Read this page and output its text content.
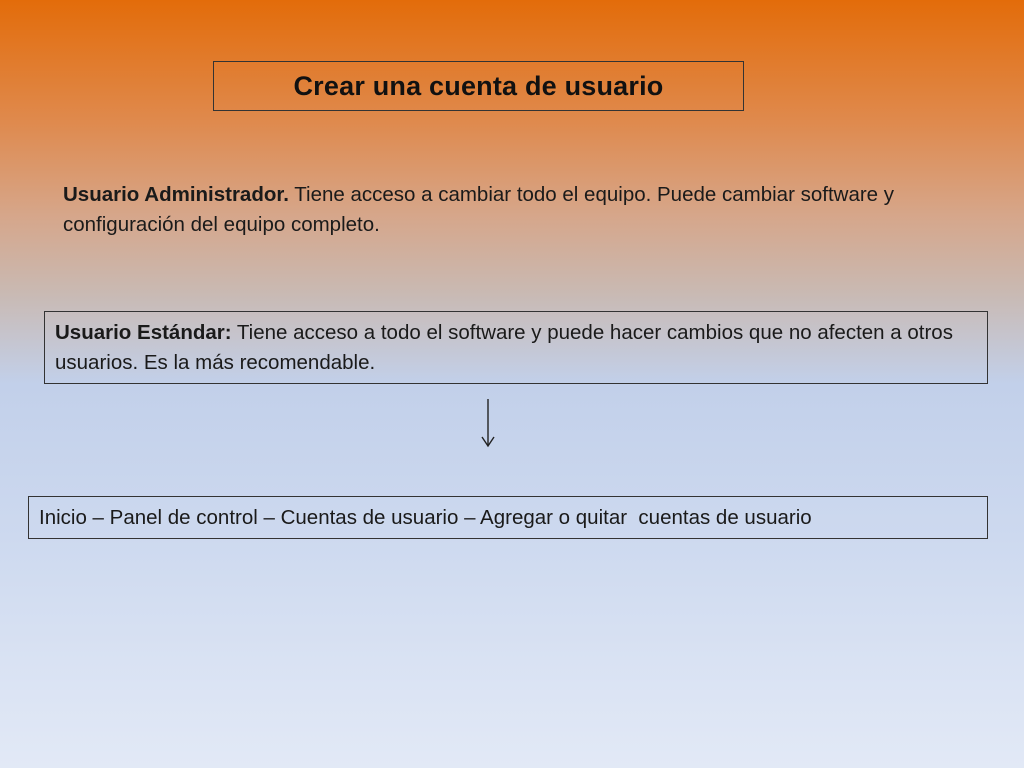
Crear una cuenta de usuario
Usuario Administrador. Tiene acceso a cambiar todo el equipo. Puede cambiar software y configuración del equipo completo.
Usuario Estándar: Tiene acceso a todo el software y puede hacer cambios que no afecten a otros usuarios. Es la más recomendable.
Inicio – Panel de control – Cuentas de usuario – Agregar o quitar  cuentas de usuario
